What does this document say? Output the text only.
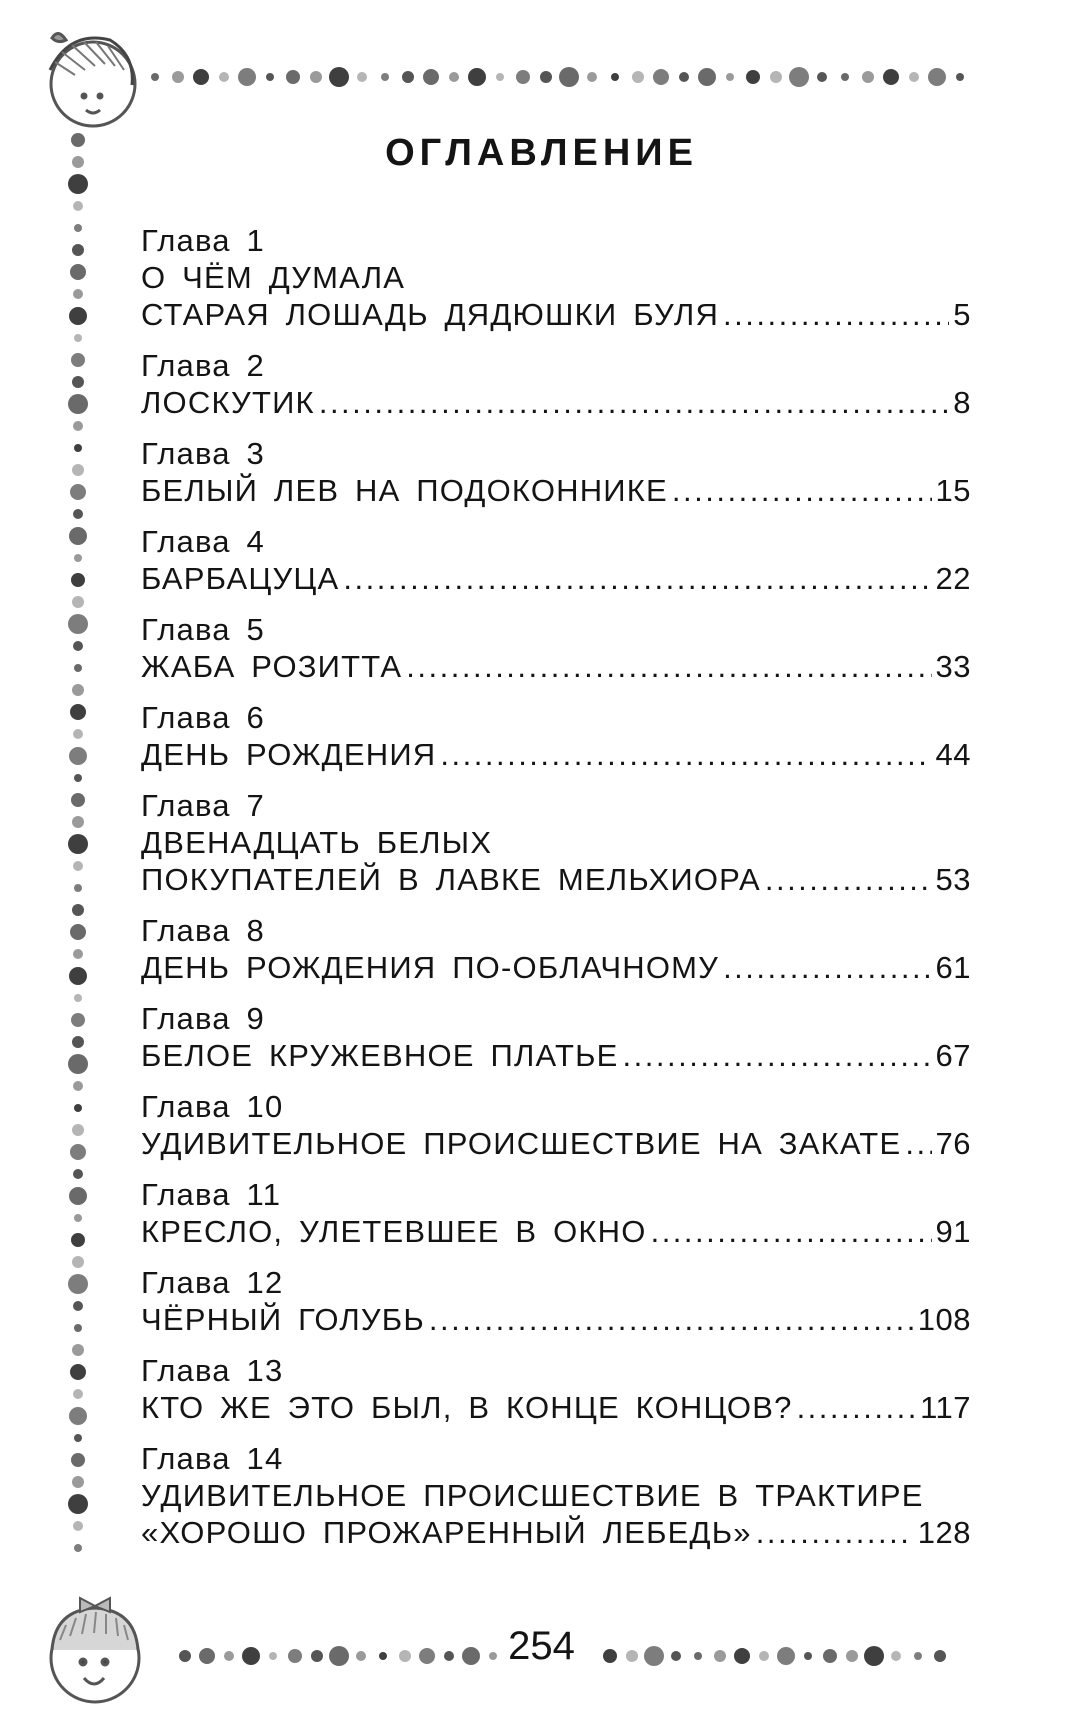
ОГЛАВЛЕНИЕ
Глава 1
О ЧЁМ ДУМАЛА
СТАРАЯ ЛОШАДЬ ДЯДЮШКИ БУЛЯ .....	5
Глава 2
ЛОСКУТИК .....	8
Глава 3
БЕЛЫЙ ЛЕВ НА ПОДОКОННИКЕ .....	15
Глава 4
БАРБАЦУЦА .....	22
Глава 5
ЖАБА РОЗИТТА .....	33
Глава 6
ДЕНЬ РОЖДЕНИЯ .....	44
Глава 7
ДВЕНАДЦАТЬ БЕЛЫХ
ПОКУПАТЕЛЕЙ В ЛАВКЕ МЕЛЬХИОРА .....	53
Глава 8
ДЕНЬ РОЖДЕНИЯ ПО-ОБЛАЧНОМУ .....	61
Глава 9
БЕЛОЕ КРУЖЕВНОЕ ПЛАТЬЕ .....	67
Глава 10
УДИВИТЕЛЬНОЕ ПРОИСШЕСТВИЕ НА ЗАКАТЕ ..... 76
Глава 11
КРЕСЛО, УЛЕТЕВШЕЕ В ОКНО .....	91
Глава 12
ЧЁРНЫЙ ГОЛУБЬ .....	108
Глава 13
КТО ЖЕ ЭТО БЫЛ, В КОНЦЕ КОНЦОВ? .....	117
Глава 14
УДИВИТЕЛЬНОЕ ПРОИСШЕСТВИЕ В ТРАКТИРЕ
«ХОРОШО ПРОЖАРЕННЫЙ ЛЕБЕДЬ» .....	128
254
